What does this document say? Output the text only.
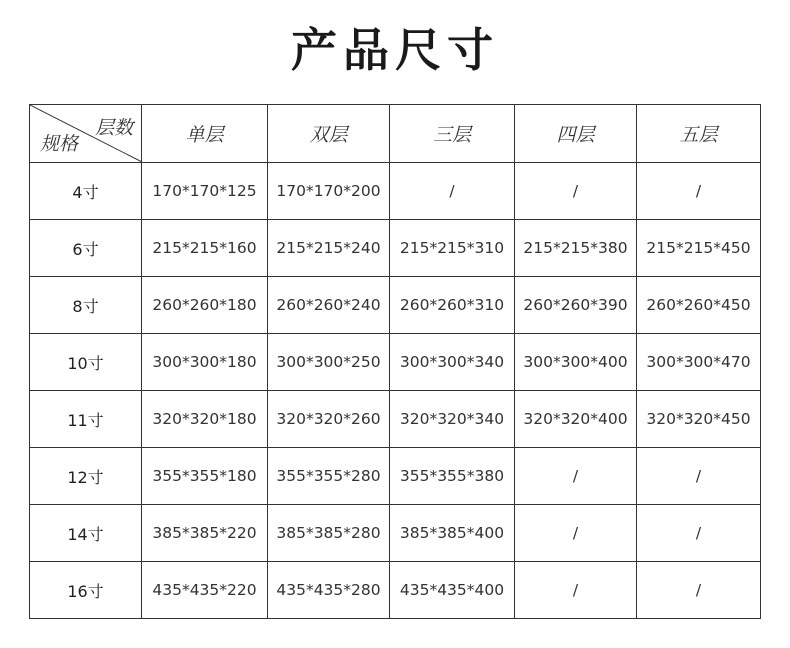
产品尺寸
层数
规格	单层	双层	三层	四层	五层
4寸	170*170*125	170*170*200	/	/	/
6寸	215*215*160	215*215*240	215*215*310	215*215*380	215*215*450
8寸	260*260*180	260*260*240	260*260*310	260*260*390	260*260*450
10寸	300*300*180	300*300*250	300*300*340	300*300*400	300*300*470
11寸	320*320*180	320*320*260	320*320*340	320*320*400	320*320*450
12寸	355*355*180	355*355*280	355*355*380	/	/
14寸	385*385*220	385*385*280	385*385*400	/	/
16寸	435*435*220	435*435*280	435*435*400	/	/
